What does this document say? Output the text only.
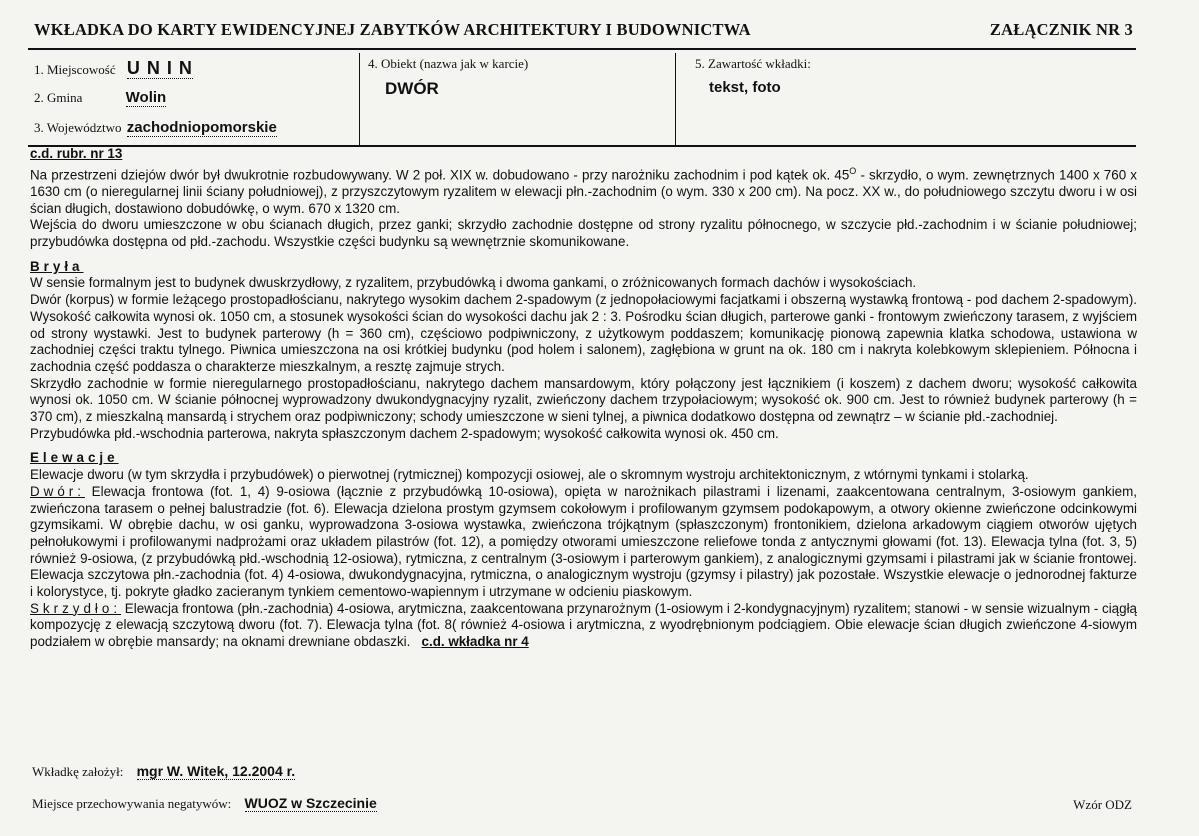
WKŁADKA DO KARTY EWIDENCYJNEJ ZABYTKÓW ARCHITEKTURY I BUDOWNICTWA	ZAŁĄCZNIK NR 3
1. Miejscowość U N I N
2. Gmina	Wolin
3. Województwo zachodniopomorskie
4. Obiekt (nazwa jak w karcie)
DWÓR
5. Zawartość wkładki:
tekst, foto

c.d. rubr. nr 13

Na przestrzeni dziejów dwór był dwukrotnie rozbudowywany. W 2 poł. XIX w. dobudowano - przy narożniku zachodnim i pod kątek ok. $45^O$ - skrzydło, o wym. zewnętrznych 1400 x 760 x 1630 cm (o nieregularnej linii ściany południowej), z przyszczytowym ryzalitem w elewacji płn.-zachodnim (o wym. 330 x 200 cm). Na pocz. XX w., do południowego szczytu dworu i w osi ścian długich, dostawiono dobudówkę, o wym. 670 x 1320 cm.

Wejścia do dworu umieszczone w obu ścianach długich, przez ganki; skrzydło zachodnie dostępne od strony ryzalitu północnego, w szczycie płd.-zachodnim i w ścianie południowej; przybudówka dostępna od płd.-zachodu. Wszystkie części budynku są wewnętrznie skomunikowane.

Bryła

W sensie formalnym jest to budynek dwuskrzydłowy, z ryzalitem, przybudówką i dwoma gankami, o zróżnicowanych formach dachów i wysokościach.

Dwór (korpus) w formie leżącego prostopadłościanu, nakrytego wysokim dachem 2-spadowym (z jednopołaciowymi facjatkami i obszerną wystawką frontową - pod dachem 2-spadowym). Wysokość całkowita wynosi ok. 1050 cm, a stosunek wysokości ścian do wysokości dachu jak 2 : 3. Pośrodku ścian długich, parterowe ganki - frontowym zwieńczony tarasem, z wyjściem od strony wystawki. Jest to budynek parterowy (h = 360 cm), częściowo podpiwniczony, z użytkowym poddaszem; komunikację pionową zapewnia klatka schodowa, ustawiona w zachodniej części traktu tylnego. Piwnica umieszczona na osi krótkiej budynku (pod holem i salonem), zagłębiona w grunt na ok. 180 cm i nakryta kolebkowym sklepieniem. Północna i zachodnia część poddasza o charakterze mieszkalnym, a resztę zajmuje strych.

Skrzydło zachodnie w formie nieregularnego prostopadłościanu, nakrytego dachem mansardowym, który połączony jest łącznikiem (i koszem) z dachem dworu; wysokość całkowita wynosi ok. 1050 cm. W ścianie północnej wyprowadzony dwukondygnacyjny ryzalit, zwieńczony dachem trzypołaciowym; wysokość ok. 900 cm. Jest to również budynek parterowy (h = 370 cm), z mieszkalną mansardą i strychem oraz podpiwniczony; schody umieszczone w sieni tylnej, a piwnica dodatkowo dostępna od zewnątrz – w ścianie płd.-zachodniej.

Przybudówka płd.-wschodnia parterowa, nakryta spłaszczonym dachem 2-spadowym; wysokość całkowita wynosi ok. 450 cm.

Elewacje

Elewacje dworu (w tym skrzydła i przybudówek) o pierwotnej (rytmicznej) kompozycji osiowej, ale o skromnym wystroju architektonicznym, z wtórnymi tynkami i stolarką.

Dwór: Elewacja frontowa (fot. 1, 4) 9-osiowa (łącznie z przybudówką 10-osiowa), opięta w narożnikach pilastrami i lizenami, zaakcentowana centralnym, 3-osiowym gankiem, zwieńczona tarasem o pełnej balustradzie (fot. 6). Elewacja dzielona prostym gzymsem cokołowym i profilowanym gzymsem podokapowym, a otwory okienne zwieńczone odcinkowymi gzymsikami. W obrębie dachu, w osi ganku, wyprowadzona 3-osiowa wystawka, zwieńczona trójkątnym (spłaszczonym) frontonikiem, dzielona arkadowym ciągiem otworów ujętych pełnołukowymi i profilowanymi nadprożami oraz układem pilastrów (fot. 12), a pomiędzy otworami umieszczone reliefowe tonda z antycznymi głowami (fot. 13). Elewacja tylna (fot. 3, 5) również 9-osiowa, (z przybudówką płd.-wschodnią 12-osiowa), rytmiczna, z centralnym (3-osiowym i parterowym gankiem), z analogicznymi gzymsami i pilastrami jak w ścianie frontowej. Elewacja szczytowa płn.-zachodnia (fot. 4) 4-osiowa, dwukondygnacyjna, rytmiczna, o analogicznym wystroju (gzymsy i pilastry) jak pozostałe. Wszystkie elewacje o jednorodnej fakturze i kolorystyce, tj. pokryte gładko zacieranym tynkiem cementowo-wapiennym i utrzymane w odcieniu piaskowym.

Skrzydło: Elewacja frontowa (płn.-zachodnia) 4-osiowa, arytmiczna, zaakcentowana przynarożnym (1-osiowym i 2-kondygnacyjnym) ryzalitem; stanowi - w sensie wizualnym - ciągłą kompozycję z elewacją szczytową dworu (fot. 7). Elewacja tylna (fot. 8( również 4-osiowa i arytmiczna, z wyodrębnionym podciągiem. Obie elewacje ścian długich zwieńczone 4-siowym podziałem w obrębie mansardy; na oknami drewniane obdaszki. c.d. wkładka nr 4

Wkładkę założył: mgr W. Witek, 12.2004 r.
Miejsce przechowywania negatywów: WUOZ w Szczecinie	Wzór ODZ
